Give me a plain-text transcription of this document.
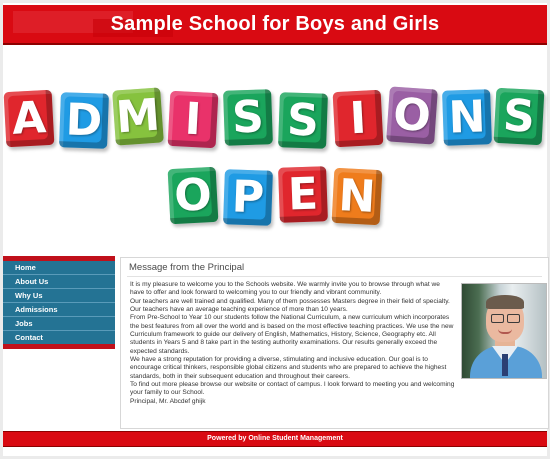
Sample School for Boys and Girls
A D M I S S I O N S
O P E N
Home
About Us
Why Us
Admissions
Jobs
Contact
Message from the Principal

It is my pleasure to welcome you to the Schools website. We warmly invite you to browse through what we have to offer and look forward to welcoming you to our friendly and vibrant community.

Our teachers are well trained and qualified. Many of them possesses Masters degree in their field of specialty. Our teachers have an average teaching experience of more than 10 years.

From Pre-School to Year 10 our students follow the National Curriculum, a new curriculum which incorporates the best features from all over the world and is based on the most effective teaching practices. We use the new Curriculum framework to guide our delivery of English, Mathematics, History, Science, Geography etc. All students in Years 5 and 8 take part in the testing authority examinations. Our results generally exceed the expected standards.

We have a strong reputation for providing a diverse, stimulating and inclusive education. Our goal is to encourage critical thinkers, responsible global citizens and students who are prepared to achieve the highest standards, both in their subsequent education and throughout their careers.

To find out more please browse our website or contact of campus. I look forward to meeting you and welcoming your family to our School.

Principal, Mr. Abcdef ghijk

Powered by Online Student Management
